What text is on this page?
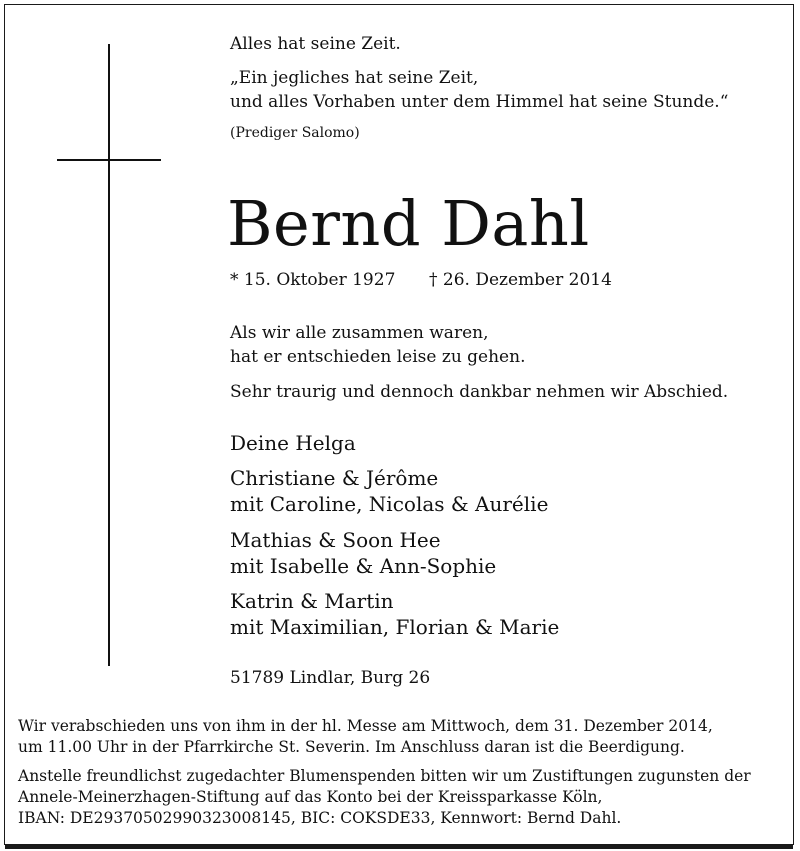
Alles hat seine Zeit.
„Ein jegliches hat seine Zeit,
und alles Vorhaben unter dem Himmel hat seine Stunde.“
(Prediger Salomo)
Bernd Dahl
* 15. Oktober 1927 † 26. Dezember 2014
Als wir alle zusammen waren,
hat er entschieden leise zu gehen.
Sehr traurig und dennoch dankbar nehmen wir Abschied.
Deine Helga
Christiane & Jérôme
mit Caroline, Nicolas & Aurélie
Mathias & Soon Hee
mit Isabelle & Ann-Sophie
Katrin & Martin
mit Maximilian, Florian & Marie
51789 Lindlar, Burg 26
Wir verabschieden uns von ihm in der hl. Messe am Mittwoch, dem 31. Dezember 2014,
um 11.00 Uhr in der Pfarrkirche St. Severin. Im Anschluss daran ist die Beerdigung.
Anstelle freundlichst zugedachter Blumenspenden bitten wir um Zustiftungen zugunsten der
Annele-Meinerzhagen-Stiftung auf das Konto bei der Kreissparkasse Köln,
IBAN: DE29370502990323008145, BIC: COKSDE33, Kennwort: Bernd Dahl.
